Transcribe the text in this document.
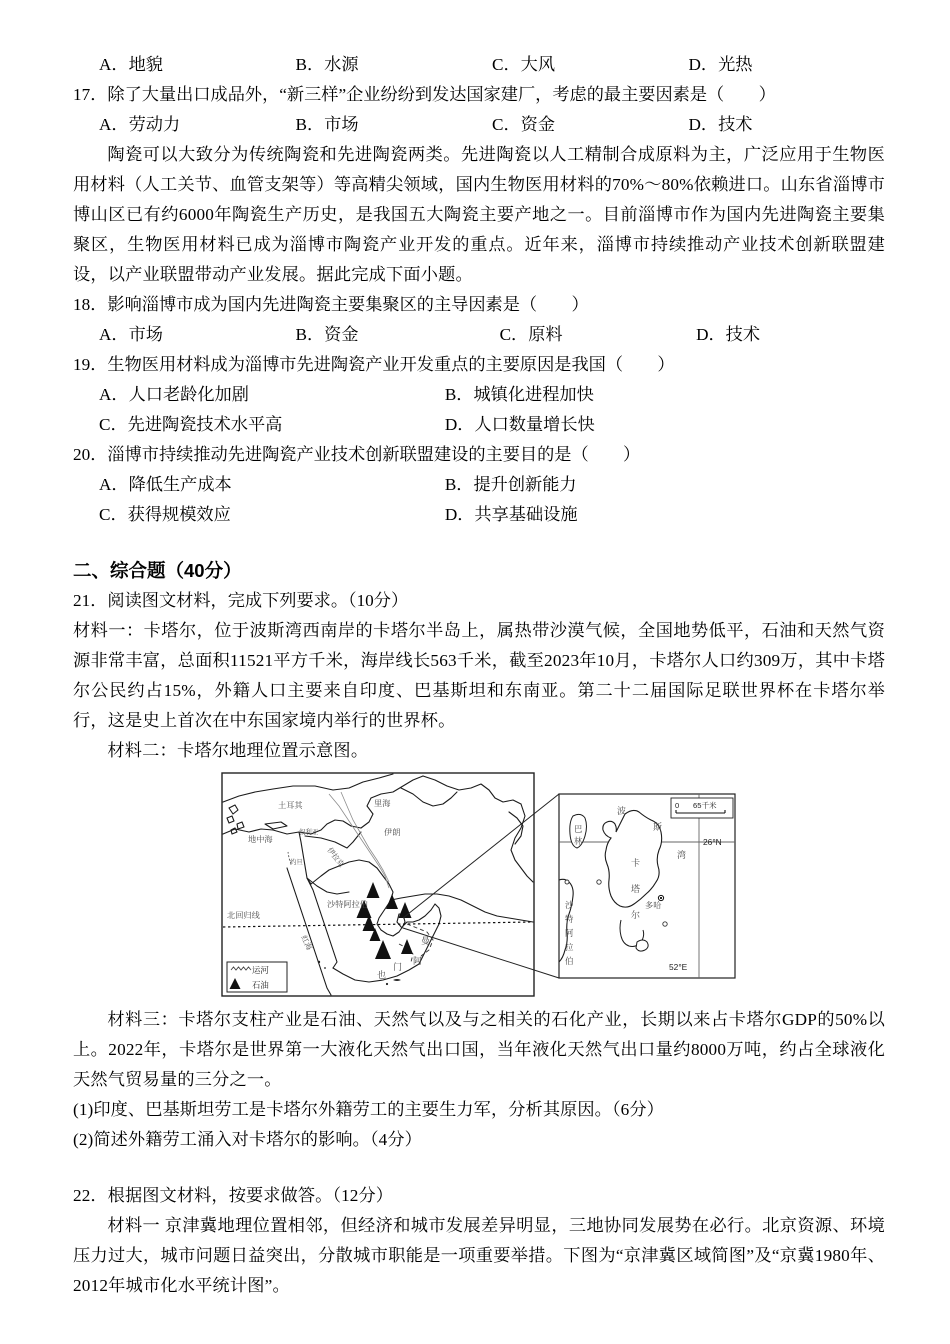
A．地貌	B．水源	C．大风	D．光热
17．除了大量出口成品外，“新三样”企业纷纷到发达国家建厂，考虑的最主要因素是（　　）
A．劳动力	B．市场	C．资金	D．技术
陶瓷可以大致分为传统陶瓷和先进陶瓷两类。先进陶瓷以人工精制合成原料为主，广泛应用于生物医用材料（人工关节、血管支架等）等高精尖领域，国内生物医用材料的70%～80%依赖进口。山东省淄博市博山区已有约6000年陶瓷生产历史，是我国五大陶瓷主要产地之一。目前淄博市作为国内先进陶瓷主要集聚区，生物医用材料已成为淄博市陶瓷产业开发的重点。近年来，淄博市持续推动产业技术创新联盟建设，以产业联盟带动产业发展。据此完成下面小题。
18．影响淄博市成为国内先进陶瓷主要集聚区的主导因素是（　　）
A．市场	B．资金	C．原料	D．技术
19．生物医用材料成为淄博市先进陶瓷产业开发重点的主要原因是我国（　　）
A．人口老龄化加剧	B．城镇化进程加快
C．先进陶瓷技术水平高	D．人口数量增长快
20．淄博市持续推动先进陶瓷产业技术创新联盟建设的主要目的是（　　）
A．降低生产成本	B．提升创新能力
C．获得规模效应	D．共享基础设施
二、综合题（40分）
21．阅读图文材料，完成下列要求。（10分）
材料一：卡塔尔，位于波斯湾西南岸的卡塔尔半岛上，属热带沙漠气候，全国地势低平，石油和天然气资源非常丰富，总面积11521平方千米，海岸线长563千米，截至2023年10月，卡塔尔人口约309万，其中卡塔尔公民约占15%，外籍人口主要来自印度、巴基斯坦和东南亚。第二十二届国际足联世界杯在卡塔尔举行，这是史上首次在中东国家境内举行的世界杯。
材料二：卡塔尔地理位置示意图。
土耳其	里海
地中海
伊朗
沙特阿拉伯
叙利亚
约旦	伊拉克
红海
北回归线
曼
阿
门
也
运河
石油
0 65千米
波
斯
湾
卡
塔
尔
多哈
巴
林
沙
特
阿
拉
伯
26°N
52°E
材料三：卡塔尔支柱产业是石油、天然气以及与之相关的石化产业，长期以来占卡塔尔GDP的50%以上。2022年，卡塔尔是世界第一大液化天然气出口国，当年液化天然气出口量约8000万吨，约占全球液化天然气贸易量的三分之一。
(1)印度、巴基斯坦劳工是卡塔尔外籍劳工的主要生力军，分析其原因。（6分）
(2)简述外籍劳工涌入对卡塔尔的影响。（4分）
22．根据图文材料，按要求做答。（12分）
材料一 京津冀地理位置相邻，但经济和城市发展差异明显，三地协同发展势在必行。北京资源、环境压力过大，城市问题日益突出，分散城市职能是一项重要举措。下图为“京津冀区域简图”及“京冀1980年、2012年城市化水平统计图”。
